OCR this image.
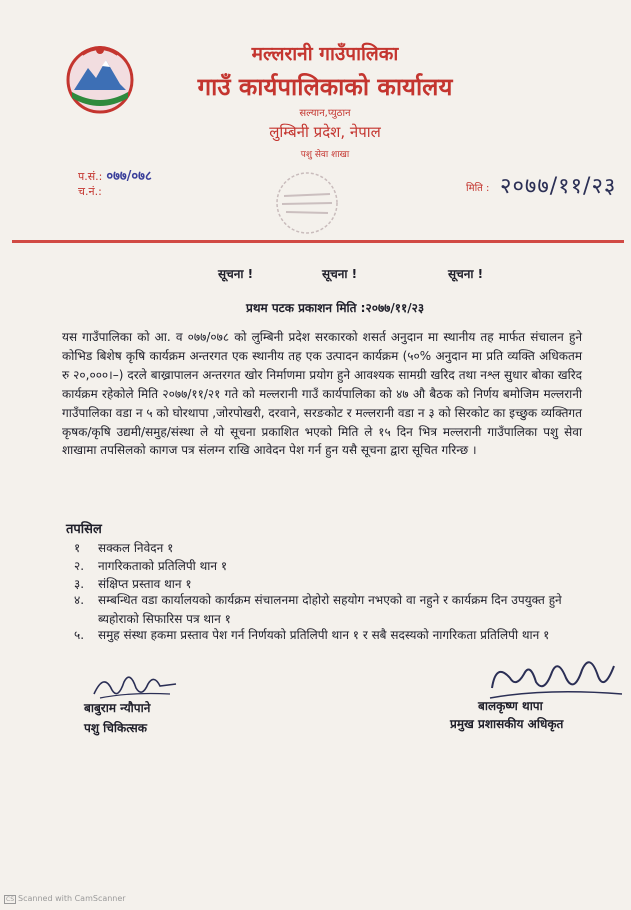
मल्लरानी गाउँपालिका
गाउँ कार्यपालिकाको कार्यालय
सल्यान,प्युठान
लुम्बिनी प्रदेश, नेपाल
पशु सेवा शाखा
प.सं.: ०७७/०७८
च.नं.:	मिति : २०७७/११/२३
सूचना !	सूचना !	सूचना !
प्रथम पटक प्रकाशन मिति :२०७७/११/२३

यस गाउँपालिका को आ. व ०७७/०७८ को लुम्बिनी प्रदेश सरकारको शसर्त अनुदान मा स्थानीय तह मार्फत संचालन हुने कोभिड बिशेष कृषि कार्यक्रम अन्तरगत एक स्थानीय तह एक उत्पादन कार्यक्रम (५०% अनुदान मा प्रति व्यक्ति अधिकतम रु २०,०००।–) दरले बाख्रापालन अन्तरगत खोर निर्माणमा प्रयोग हुने आवश्यक सामग्री खरिद तथा नश्ल सुधार बोका खरिद कार्यक्रम रहेकोले मिति २०७७/११/२१ गते को मल्लरानी गाउँ कार्यपालिका को ४७ औ बैठक को निर्णय बमोजिम मल्लरानी गाउँपालिका वडा न ५ को घोरथापा ,जोरपोखरी, दरवाने, सरङकोट र मल्लरानी वडा न ३ को सिरकोट का इच्छुक व्यक्तिगत कृषक/कृषि उद्यमी/समुह/संस्था ले यो सूचना प्रकाशित भएको मिति ले १५ दिन भित्र मल्लरानी गाउँपालिका पशु सेवा शाखामा तपसिलको कागज पत्र संलग्न राखि आवेदन पेश गर्न हुन यसै सूचना द्वारा सूचित गरिन्छ ।

तपसिल
१	सक्कल निवेदन १
२.	नागरिकताको प्रतिलिपी थान १
३.	संक्षिप्त प्रस्ताव थान १
४.	सम्बन्धित वडा कार्यालयको कार्यक्रम संचालनमा दोहोरो सहयोग नभएको वा नहुने र कार्यक्रम दिन उपयुक्त हुने ब्यहोराको सिफारिस पत्र थान १
५.	समुह संस्था हकमा प्रस्ताव पेश गर्न निर्णयको प्रतिलिपी थान १ र सबै सदस्यको नागरिकता प्रतिलिपी थान १
बाबुराम न्यौपाने
पशु चिकित्सक
बालकृष्ण थापा
प्रमुख प्रशासकीय अधिकृत
CS Scanned with CamScanner
